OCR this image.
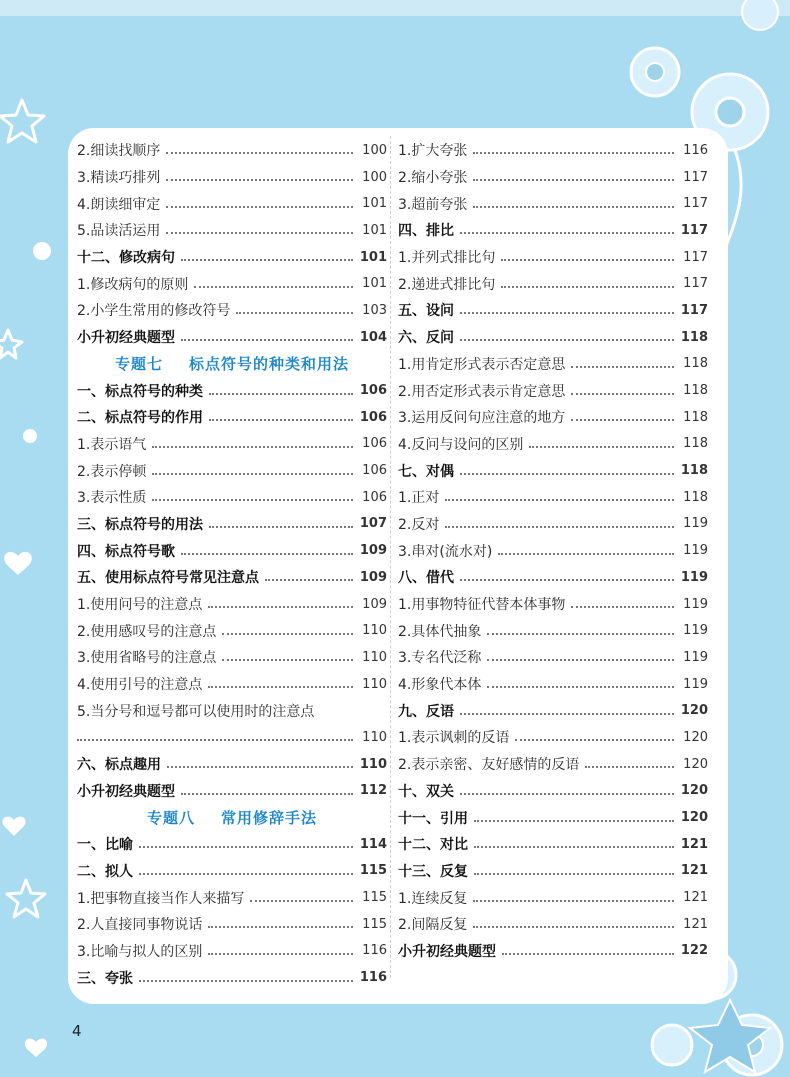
2.细读找顺序	100
3.精读巧排列	100
4.朗读细审定	101
5.品读活运用	101
十二、修改病句	101
1.修改病句的原则	101
2.小学生常用的修改符号	103
小升初经典题型	104
专题七 标点符号的种类和用法
一、标点符号的种类	106
二、标点符号的作用	106
1.表示语气	106
2.表示停顿	106
3.表示性质	106
三、标点符号的用法	107
四、标点符号歌	109
五、使用标点符号常见注意点	109
1.使用问号的注意点	109
2.使用感叹号的注意点	110
3.使用省略号的注意点	110
4.使用引号的注意点	110
5.当分号和逗号都可以使用时的注意点
110
六、标点趣用	110
小升初经典题型	112
专题八 常用修辞手法
一、比喻	114
二、拟人	115
1.把事物直接当作人来描写	115
2.人直接同事物说话	115
3.比喻与拟人的区别	116
三、夸张	116
1.扩大夸张	116
2.缩小夸张	117
3.超前夸张	117
四、排比	117
1.并列式排比句	117
2.递进式排比句	117
五、设问	117
六、反问	118
1.用肯定形式表示否定意思	118
2.用否定形式表示肯定意思	118
3.运用反问句应注意的地方	118
4.反问与设问的区别	118
七、对偶	118
1.正对	118
2.反对	119
3.串对(流水对)	119
八、借代	119
1.用事物特征代替本体事物	119
2.具体代抽象	119
3.专名代泛称	119
4.形象代本体	119
九、反语	120
1.表示讽刺的反语	120
2.表示亲密、友好感情的反语	120
十、双关	120
十一、引用	120
十二、对比	121
十三、反复	121
1.连续反复	121
2.间隔反复	121
小升初经典题型	122
4
